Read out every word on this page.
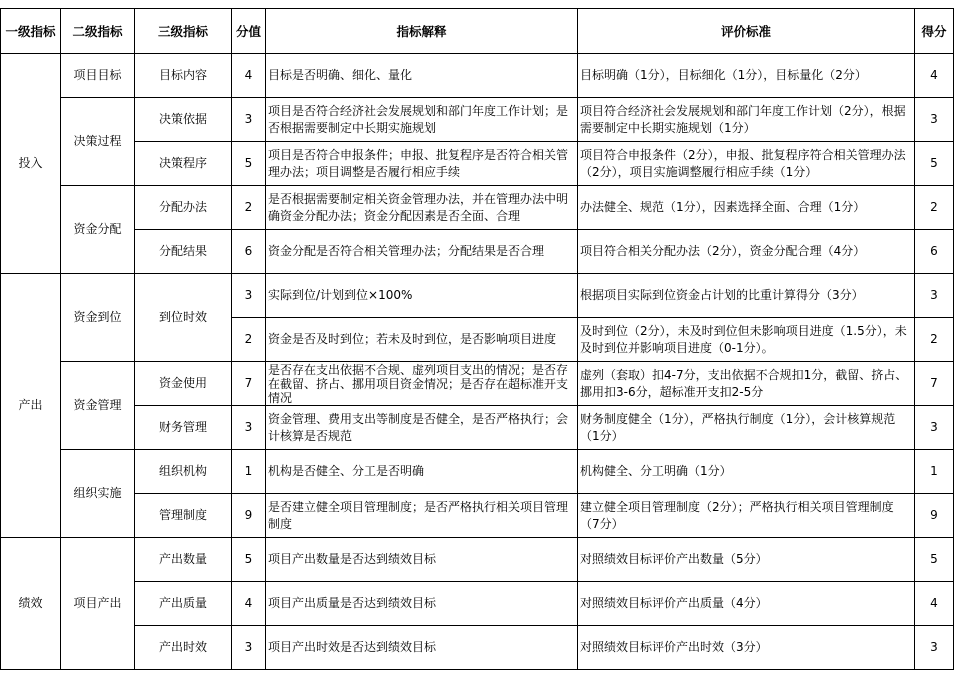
一级指标	二级指标	三级指标	分值	指标解释	评价标准	得分
投入	项目目标	目标内容	4	目标是否明确、细化、量化	目标明确（1分），目标细化（1分），目标量化（2分）	4
	决策过程	决策依据	3	项目是否符合经济社会发展规划和部门年度工作计划；是否根据需要制定中长期实施规划	项目符合经济社会发展规划和部门年度工作计划（2分），根据需要制定中长期实施规划（1分）	3
		决策程序	5	项目是否符合申报条件；申报、批复程序是否符合相关管理办法；项目调整是否履行相应手续	项目符合申报条件（2分），申报、批复程序符合相关管理办法（2分），项目实施调整履行相应手续（1分）	5
	资金分配	分配办法	2	是否根据需要制定相关资金管理办法，并在管理办法中明确资金分配办法；资金分配因素是否全面、合理	办法健全、规范（1分），因素选择全面、合理（1分）	2
		分配结果	6	资金分配是否符合相关管理办法；分配结果是否合理	项目符合相关分配办法（2分），资金分配合理（4分）	6
产出	资金到位	到位时效	3	实际到位/计划到位×100%	根据项目实际到位资金占计划的比重计算得分（3分）	3
			2	资金是否及时到位；若未及时到位，是否影响项目进度	及时到位（2分），未及时到位但未影响项目进度（1.5分），未及时到位并影响项目进度（0-1分）。	2
	资金管理	资金使用	7	是否存在支出依据不合规、虚列项目支出的情况；是否存在截留、挤占、挪用项目资金情况；是否存在超标准开支情况	虚列（套取）扣4-7分，支出依据不合规扣1分，截留、挤占、挪用扣3-6分，超标准开支扣2-5分	7
		财务管理	3	资金管理、费用支出等制度是否健全，是否严格执行；会计核算是否规范	财务制度健全（1分），严格执行制度（1分），会计核算规范（1分）	3
	组织实施	组织机构	1	机构是否健全、分工是否明确	机构健全、分工明确（1分）	1
		管理制度	9	是否建立健全项目管理制度；是否严格执行相关项目管理制度	建立健全项目管理制度（2分）；严格执行相关项目管理制度（7分）	9
绩效	项目产出	产出数量	5	项目产出数量是否达到绩效目标	对照绩效目标评价产出数量（5分）	5
		产出质量	4	项目产出质量是否达到绩效目标	对照绩效目标评价产出质量（4分）	4
		产出时效	3	项目产出时效是否达到绩效目标	对照绩效目标评价产出时效（3分）	3
